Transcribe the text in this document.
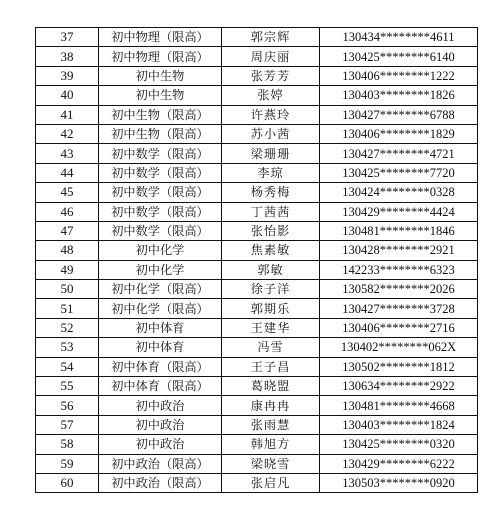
37	初中物理（限高）	郭宗辉	130434********4611
38	初中物理（限高）	周庆丽	130425********6140
39	初中生物	张芳芳	130406********1222
40	初中生物	张婷	130403********1826
41	初中生物（限高）	许燕玲	130427********6788
42	初中生物（限高）	苏小茜	130406********1829
43	初中数学（限高）	梁珊珊	130427********4721
44	初中数学（限高）	李琼	130425********7720
45	初中数学（限高）	杨秀梅	130424********0328
46	初中数学（限高）	丁茜茜	130429********4424
47	初中数学（限高）	张怡影	130481********1846
48	初中化学	焦素敏	130428********2921
49	初中化学	郭敏	142233********6323
50	初中化学（限高）	徐子洋	130582********2026
51	初中化学（限高）	郭期乐	130427********3728
52	初中体育	王建华	130406********2716
53	初中体育	冯雪	130402********062X
54	初中体育（限高）	王子昌	130502********1812
55	初中体育（限高）	葛晓盟	130634********2922
56	初中政治	康冉冉	130481********4668
57	初中政治	张雨慧	130403********1824
58	初中政治	韩旭方	130425********0320
59	初中政治（限高）	梁晓雪	130429********6222
60	初中政治（限高）	张启凡	130503********0920
